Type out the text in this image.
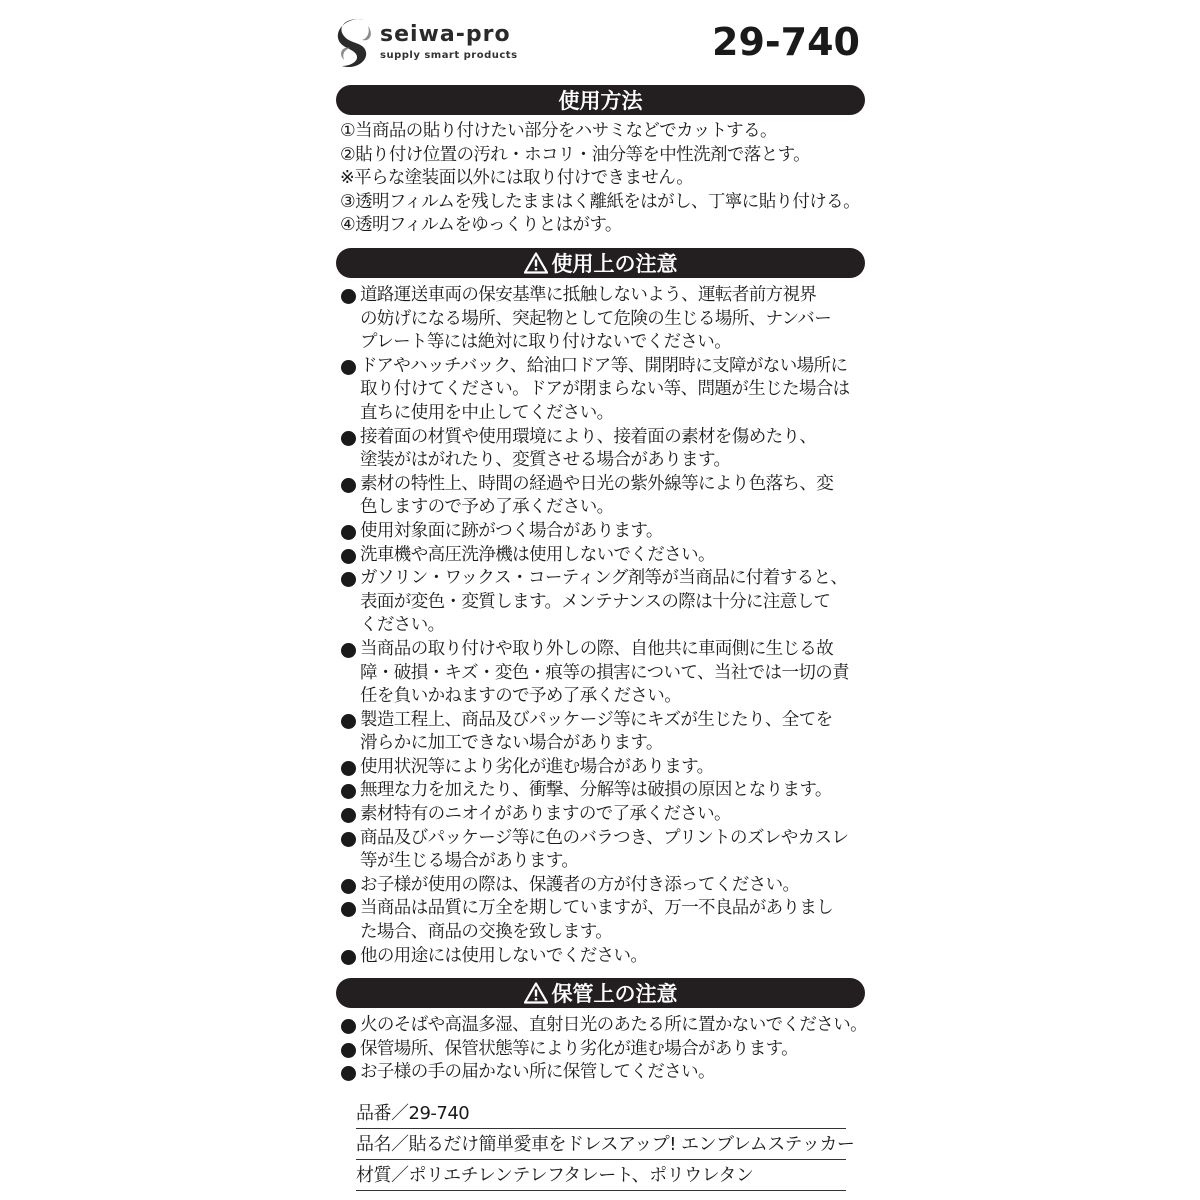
seiwa-pro
supply smart products	29-740
使用方法
①当商品の貼り付けたい部分をハサミなどでカットする。
②貼り付け位置の汚れ・ホコリ・油分等を中性洗剤で落とす。
※平らな塗装面以外には取り付けできません。
③透明フィルムを残したままはく離紙をはがし、丁寧に貼り付ける。
④透明フィルムをゆっくりとはがす。
使用上の注意
道路運送車両の保安基準に抵触しないよう、運転者前方視界
の妨げになる場所、突起物として危険の生じる場所、ナンバー
プレート等には絶対に取り付けないでください。
ドアやハッチバック、給油口ドア等、開閉時に支障がない場所に
取り付けてください。ドアが閉まらない等、問題が生じた場合は
直ちに使用を中止してください。
接着面の材質や使用環境により、接着面の素材を傷めたり、
塗装がはがれたり、変質させる場合があります。
素材の特性上、時間の経過や日光の紫外線等により色落ち、変
色しますので予め了承ください。
使用対象面に跡がつく場合があります。
洗車機や高圧洗浄機は使用しないでください。
ガソリン・ワックス・コーティング剤等が当商品に付着すると、
表面が変色・変質します。メンテナンスの際は十分に注意して
ください。
当商品の取り付けや取り外しの際、自他共に車両側に生じる故
障・破損・キズ・変色・痕等の損害について、当社では一切の責
任を負いかねますので予め了承ください。
製造工程上、商品及びパッケージ等にキズが生じたり、全てを
滑らかに加工できない場合があります。
使用状況等により劣化が進む場合があります。
無理な力を加えたり、衝撃、分解等は破損の原因となります。
素材特有のニオイがありますので了承ください。
商品及びパッケージ等に色のバラつき、プリントのズレやカスレ
等が生じる場合があります。
お子様が使用の際は、保護者の方が付き添ってください。
当商品は品質に万全を期していますが、万一不良品がありまし
た場合、商品の交換を致します。
他の用途には使用しないでください。
保管上の注意
火のそばや高温多湿、直射日光のあたる所に置かないでください。
保管場所、保管状態等により劣化が進む場合があります。
お子様の手の届かない所に保管してください。
品番／29-740
品名／貼るだけ簡単愛車をドレスアップ! エンブレムステッカー
材質／ポリエチレンテレフタレート、ポリウレタン
